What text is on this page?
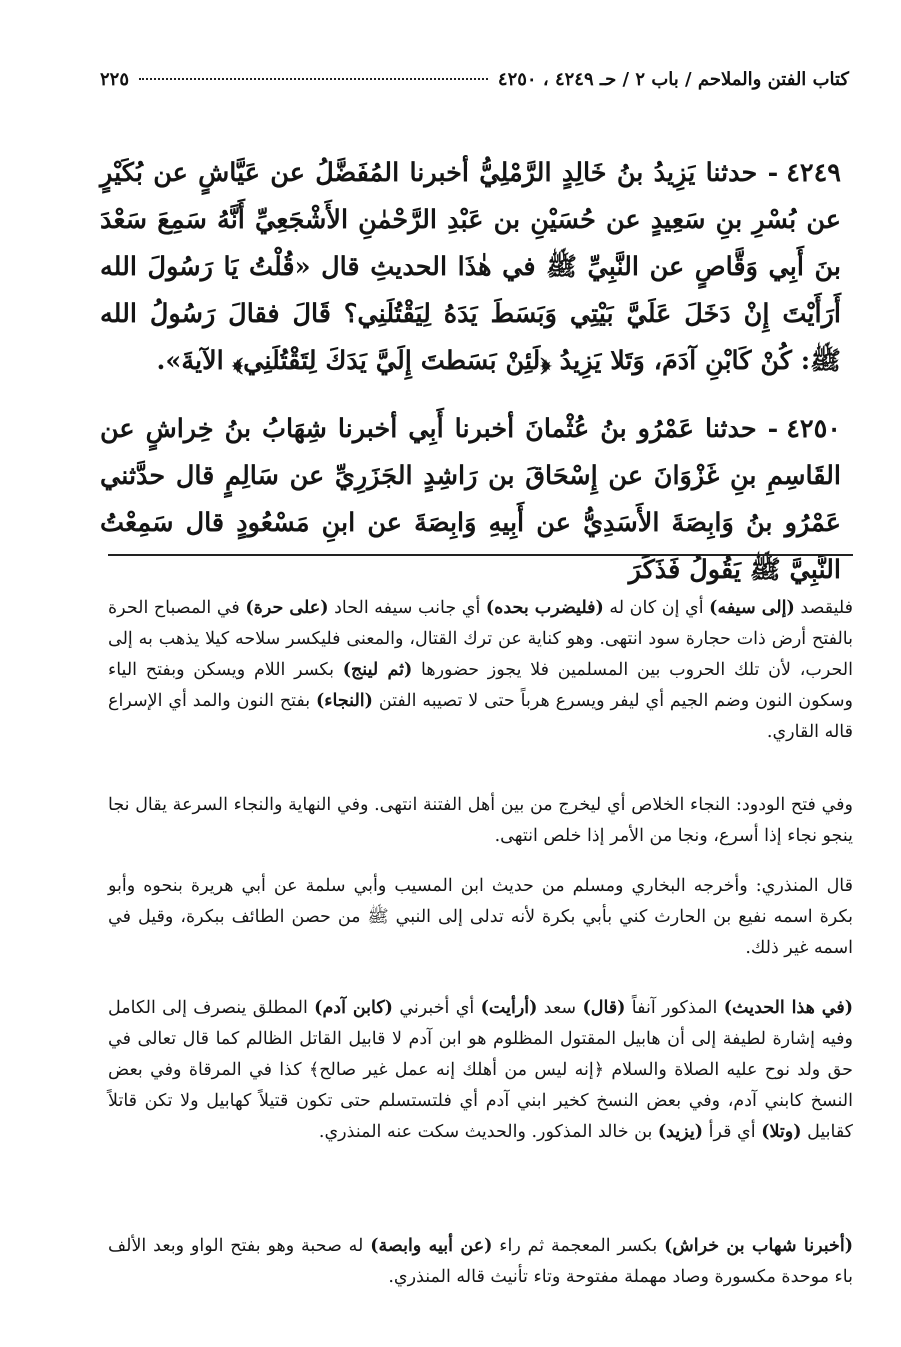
كتاب الفتن والملاحم / باب ٢ / حـ ٤٢٤٩ ، ٤٢٥٠
٢٢٥

٤٢٤٩- حدثنا يَزِيدُ بنُ خَالِدٍ الرَّمْلِيُّ أخبرنا المُفَضَّلُ عن عَيَّاشٍ عن بُكَيْرٍ عن بُسْرِ بنِ سَعِيدٍ عن حُسَيْنِ بن عَبْدِ الرَّحْمٰنِ الأَشْجَعِيِّ أَنَّهُ سَمِعَ سَعْدَ بنَ أَبِي وَقَّاصٍ عن النَّبِيِّ ﷺ في هٰذَا الحديثِ قال «قُلْتُ يَا رَسُولَ الله أَرَأَيْتَ إِنْ دَخَلَ عَلَيَّ بَيْتِي وَبَسَطَ يَدَهُ لِيَقْتُلَنِي؟ قَالَ فقالَ رَسُولُ الله ﷺ: كُنْ كَابْنِ آدَمَ، وَتَلا يَزِيدُ ﴿لَئِنْ بَسَطتَ إِلَيَّ يَدَكَ لِتَقْتُلَنِي﴾ الآيةَ».

٤٢٥٠- حدثنا عَمْرُو بنُ عُثْمانَ أخبرنا أَبِي أخبرنا شِهَابُ بنُ خِراشٍ عن القَاسِمِ بنِ غَزْوَانَ عن إِسْحَاقَ بن رَاشِدٍ الجَزَرِيِّ عن سَالِمٍ قال حدَّثني عَمْرُو بنُ وَابِصَةَ الأَسَدِيُّ عن أَبِيهِ وَابِصَةَ عن ابنِ مَسْعُودٍ قال سَمِعْتُ النَّبِيَّ ﷺ يَقُولُ فَذَكَرَ

فليقصد (إلى سيفه) أي إن كان له (فليضرب بحده) أي جانب سيفه الحاد (على حرة) في المصباح الحرة بالفتح أرض ذات حجارة سود انتهى. وهو كناية عن ترك القتال، والمعنى فليكسر سلاحه كيلا يذهب به إلى الحرب، لأن تلك الحروب بين المسلمين فلا يجوز حضورها (ثم لينج) بكسر اللام ويسكن وبفتح الياء وسكون النون وضم الجيم أي ليفر ويسرع هرباً حتى لا تصيبه الفتن (النجاء) بفتح النون والمد أي الإسراع قاله القاري.

وفي فتح الودود: النجاء الخلاص أي ليخرج من بين أهل الفتنة انتهى. وفي النهاية والنجاء السرعة يقال نجا ينجو نجاء إذا أسرع، ونجا من الأمر إذا خلص انتهى.

قال المنذري: وأخرجه البخاري ومسلم من حديث ابن المسيب وأبي سلمة عن أبي هريرة بنحوه وأبو بكرة اسمه نفيع بن الحارث كني بأبي بكرة لأنه تدلى إلى النبي ﷺ من حصن الطائف ببكرة، وقيل في اسمه غير ذلك.

(في هذا الحديث) المذكور آنفاً (قال) سعد (أرأيت) أي أخبرني (كابن آدم) المطلق ينصرف إلى الكامل وفيه إشارة لطيفة إلى أن هابيل المقتول المظلوم هو ابن آدم لا قابيل القاتل الظالم كما قال تعالى في حق ولد نوح عليه الصلاة والسلام ﴿إنه ليس من أهلك إنه عمل غير صالح﴾ كذا في المرقاة وفي بعض النسخ كابني آدم، وفي بعض النسخ كخير ابني آدم أي فلتستسلم حتى تكون قتيلاً كهابيل ولا تكن قاتلاً كقابيل (وتلا) أي قرأ (يزيد) بن خالد المذكور. والحديث سكت عنه المنذري.

(أخبرنا شهاب بن خراش) بكسر المعجمة ثم راء (عن أبيه وابصة) له صحبة وهو بفتح الواو وبعد الألف باء موحدة مكسورة وصاد مهملة مفتوحة وتاء تأنيث قاله المنذري.
